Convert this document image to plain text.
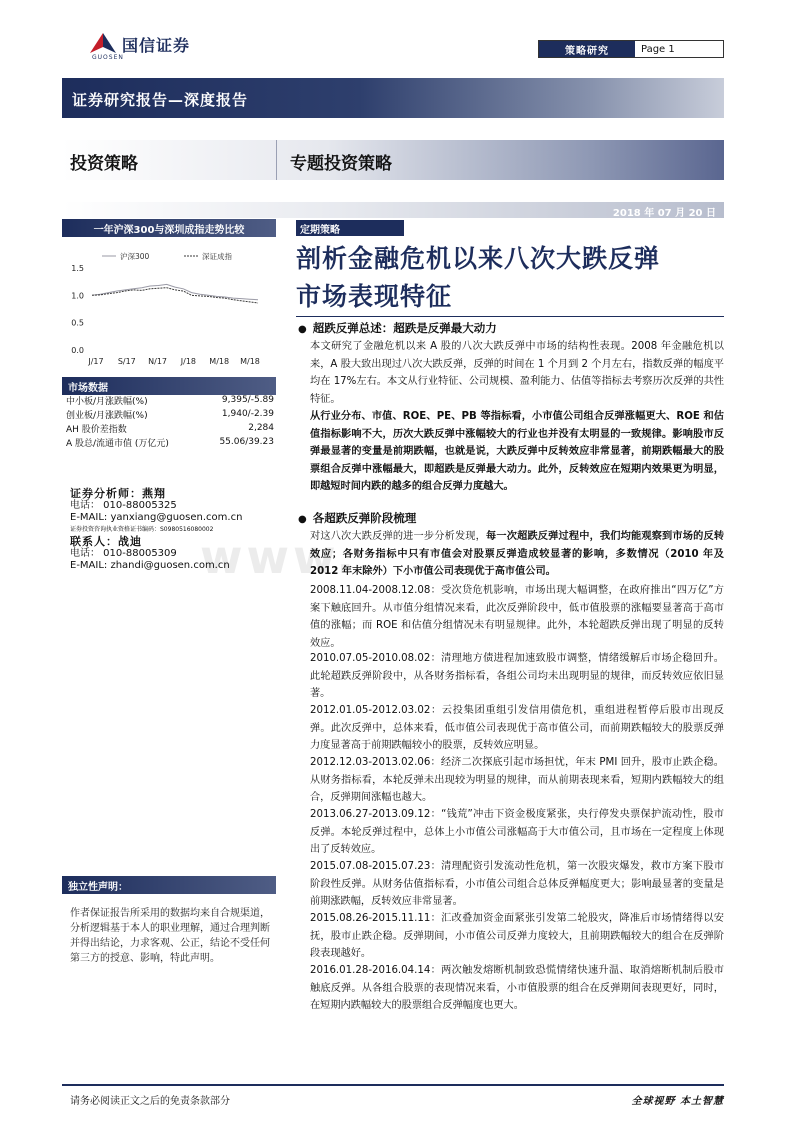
国信证券
GUOSEN
策略研究	Page 1
证券研究报告—深度报告
投资策略	专题投资策略
2018 年 07 月 20 日
www.
一年沪深300与深圳成指走势比较
1.5
1.0
0.5
0.0
J/17 S/17 N/17 J/18 M/18 M/18
沪深300	深证成指
市场数据
中小板/月涨跌幅(%)	9,395/-5.89
创业板/月涨跌幅(%)	1,940/-2.39
AH 股价差指数	2,284
A 股总/流通市值 (万亿元)	55.06/39.23
证券分析师：燕翔
电话： 010-88005325
E-MAIL: yanxiang@guosen.com.cn
证券投资咨询执业资格证书编码：S0980516080002
联系人：战迪
电话： 010-88005309
E-MAIL: zhandi@guosen.com.cn
独立性声明：
作者保证报告所采用的数据均来自合规渠道，分析逻辑基于本人的职业理解，通过合理判断并得出结论，力求客观、公正，结论不受任何第三方的授意、影响，特此声明。
定期策略
剖析金融危机以来八次大跌反弹
市场表现特征
● 超跌反弹总述：超跌是反弹最大动力
本文研究了金融危机以来 A 股的八次大跌反弹中市场的结构性表现。2008 年金融危机以来，A 股大致出现过八次大跌反弹，反弹的时间在 1 个月到 2 个月左右，指数反弹的幅度平均在 17%左右。本文从行业特征、公司规模、盈利能力、估值等指标去考察历次反弹的共性特征。
从行业分布、市值、ROE、PE、PB 等指标看，小市值公司组合反弹涨幅更大、ROE 和估值指标影响不大，历次大跌反弹中涨幅较大的行业也并没有太明显的一致规律。影响股市反弹最显著的变量是前期跌幅，也就是说，大跌反弹中反转效应非常显著，前期跌幅最大的股票组合反弹中涨幅最大，即超跌是反弹最大动力。此外，反转效应在短期内效果更为明显，即越短时间内跌的越多的组合反弹力度越大。
● 各超跌反弹阶段梳理
对这八次大跌反弹的进一步分析发现，每一次超跌反弹过程中，我们均能观察到市场的反转效应；各财务指标中只有市值会对股票反弹造成较显著的影响，多数情况（2010 年及 2012 年末除外）下小市值公司表现优于高市值公司。
2008.11.04-2008.12.08：受次贷危机影响，市场出现大幅调整，在政府推出“四万亿”方案下触底回升。从市值分组情况来看，此次反弹阶段中，低市值股票的涨幅要显著高于高市值的涨幅；而 ROE 和估值分组情况未有明显规律。此外，本轮超跌反弹出现了明显的反转效应。
2010.07.05-2010.08.02：清理地方债进程加速致股市调整，情绪缓解后市场企稳回升。此轮超跌反弹阶段中，从各财务指标看，各组公司均未出现明显的规律，而反转效应依旧显著。
2012.01.05-2012.03.02：云投集团重组引发信用债危机，重组进程暂停后股市出现反弹。此次反弹中，总体来看，低市值公司表现优于高市值公司，而前期跌幅较大的股票反弹力度显著高于前期跌幅较小的股票，反转效应明显。
2012.12.03-2013.02.06：经济二次探底引起市场担忧，年末 PMI 回升，股市止跌企稳。从财务指标看，本轮反弹未出现较为明显的规律，而从前期表现来看，短期内跌幅较大的组合，反弹期间涨幅也越大。
2013.06.27-2013.09.12：“钱荒”冲击下资金极度紧张，央行停发央票保护流动性，股市反弹。本轮反弹过程中，总体上小市值公司涨幅高于大市值公司，且市场在一定程度上体现出了反转效应。
2015.07.08-2015.07.23：清理配资引发流动性危机，第一次股灾爆发，救市方案下股市阶段性反弹。从财务估值指标看，小市值公司组合总体反弹幅度更大；影响最显著的变量是前期涨跌幅，反转效应非常显著。
2015.08.26-2015.11.11：汇改叠加资金面紧张引发第二轮股灾，降准后市场情绪得以安抚，股市止跌企稳。反弹期间，小市值公司反弹力度较大，且前期跌幅较大的组合在反弹阶段表现越好。
2016.01.28-2016.04.14：两次触发熔断机制致恐慌情绪快速升温、取消熔断机制后股市触底反弹。从各组合股票的表现情况来看，小市值股票的组合在反弹期间表现更好，同时，在短期内跌幅较大的股票组合反弹幅度也更大。
请务必阅读正文之后的免责条款部分	全球视野 本土智慧
